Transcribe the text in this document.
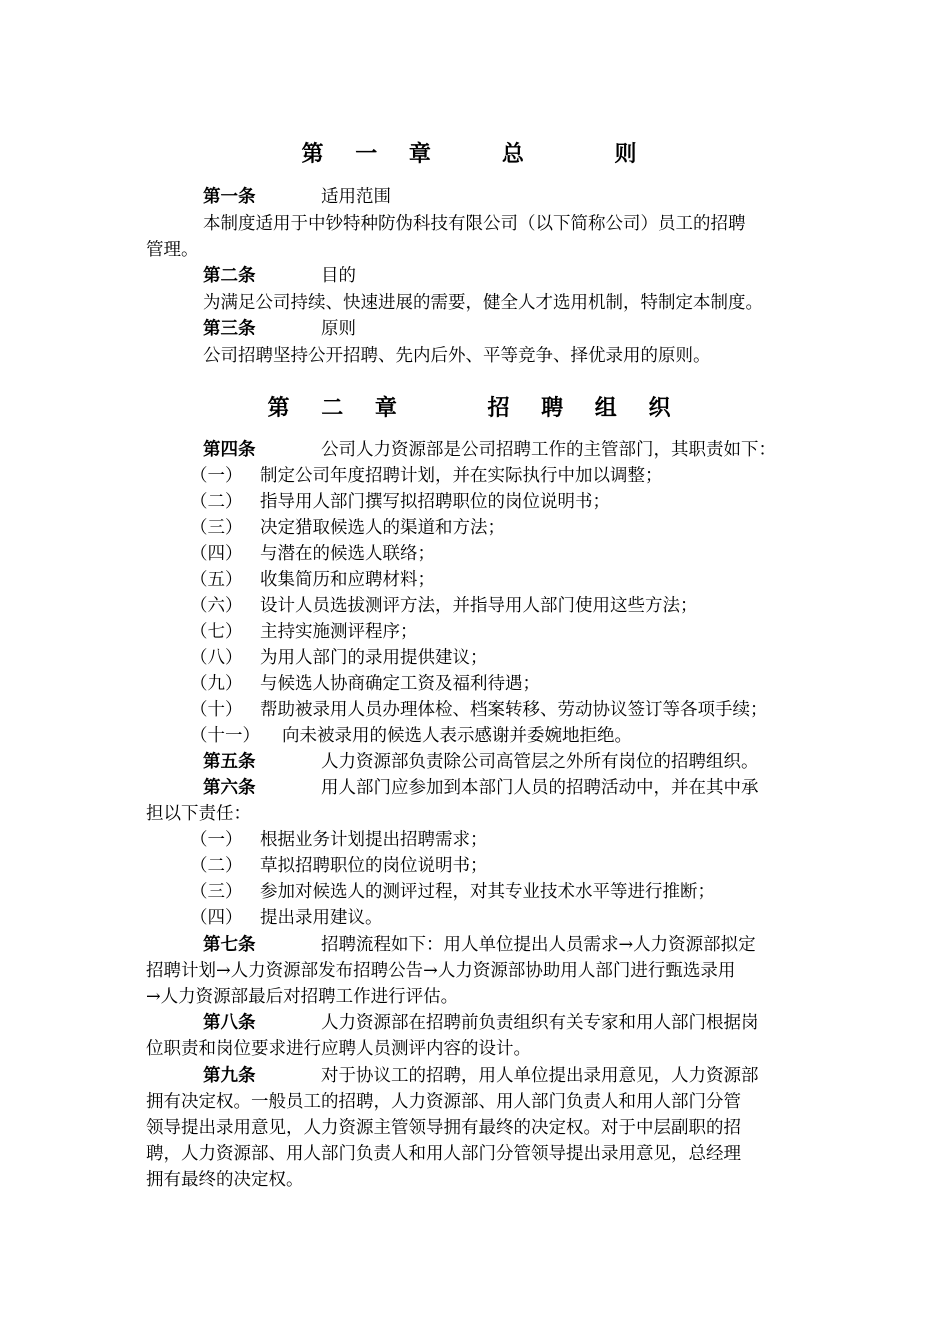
第 一 章   总    则
第一条	适用范围
本制度适用于中钞特种防伪科技有限公司（以下简称公司）员工的招聘
管理。
第二条	目的
为满足公司持续、快速进展的需要，健全人才选用机制，特制定本制度。
第三条	原则
公司招聘坚持公开招聘、先内后外、平等竞争、择优录用的原则。
第 二 章    招 聘 组 织
第四条	公司人力资源部是公司招聘工作的主管部门，其职责如下：
（一） 制定公司年度招聘计划，并在实际执行中加以调整；
（二） 指导用人部门撰写拟招聘职位的岗位说明书；
（三） 决定猎取候选人的渠道和方法；
（四） 与潜在的候选人联络；
（五） 收集简历和应聘材料；
（六） 设计人员选拔测评方法，并指导用人部门使用这些方法；
（七） 主持实施测评程序；
（八） 为用人部门的录用提供建议；
（九） 与候选人协商确定工资及福利待遇；
（十） 帮助被录用人员办理体检、档案转移、劳动协议签订等各项手续；
（十一） 向未被录用的候选人表示感谢并委婉地拒绝。
第五条	人力资源部负责除公司高管层之外所有岗位的招聘组织。
第六条	用人部门应参加到本部门人员的招聘活动中，并在其中承
担以下责任：
（一） 根据业务计划提出招聘需求；
（二） 草拟招聘职位的岗位说明书；
（三） 参加对候选人的测评过程，对其专业技术水平等进行推断；
（四） 提出录用建议。
第七条	招聘流程如下：用人单位提出人员需求→人力资源部拟定
招聘计划→人力资源部发布招聘公告→人力资源部协助用人部门进行甄选录用
→人力资源部最后对招聘工作进行评估。
第八条	人力资源部在招聘前负责组织有关专家和用人部门根据岗
位职责和岗位要求进行应聘人员测评内容的设计。
第九条	对于协议工的招聘，用人单位提出录用意见，人力资源部
拥有决定权。一般员工的招聘，人力资源部、用人部门负责人和用人部门分管
领导提出录用意见，人力资源主管领导拥有最终的决定权。对于中层副职的招
聘，人力资源部、用人部门负责人和用人部门分管领导提出录用意见，总经理
拥有最终的决定权。
